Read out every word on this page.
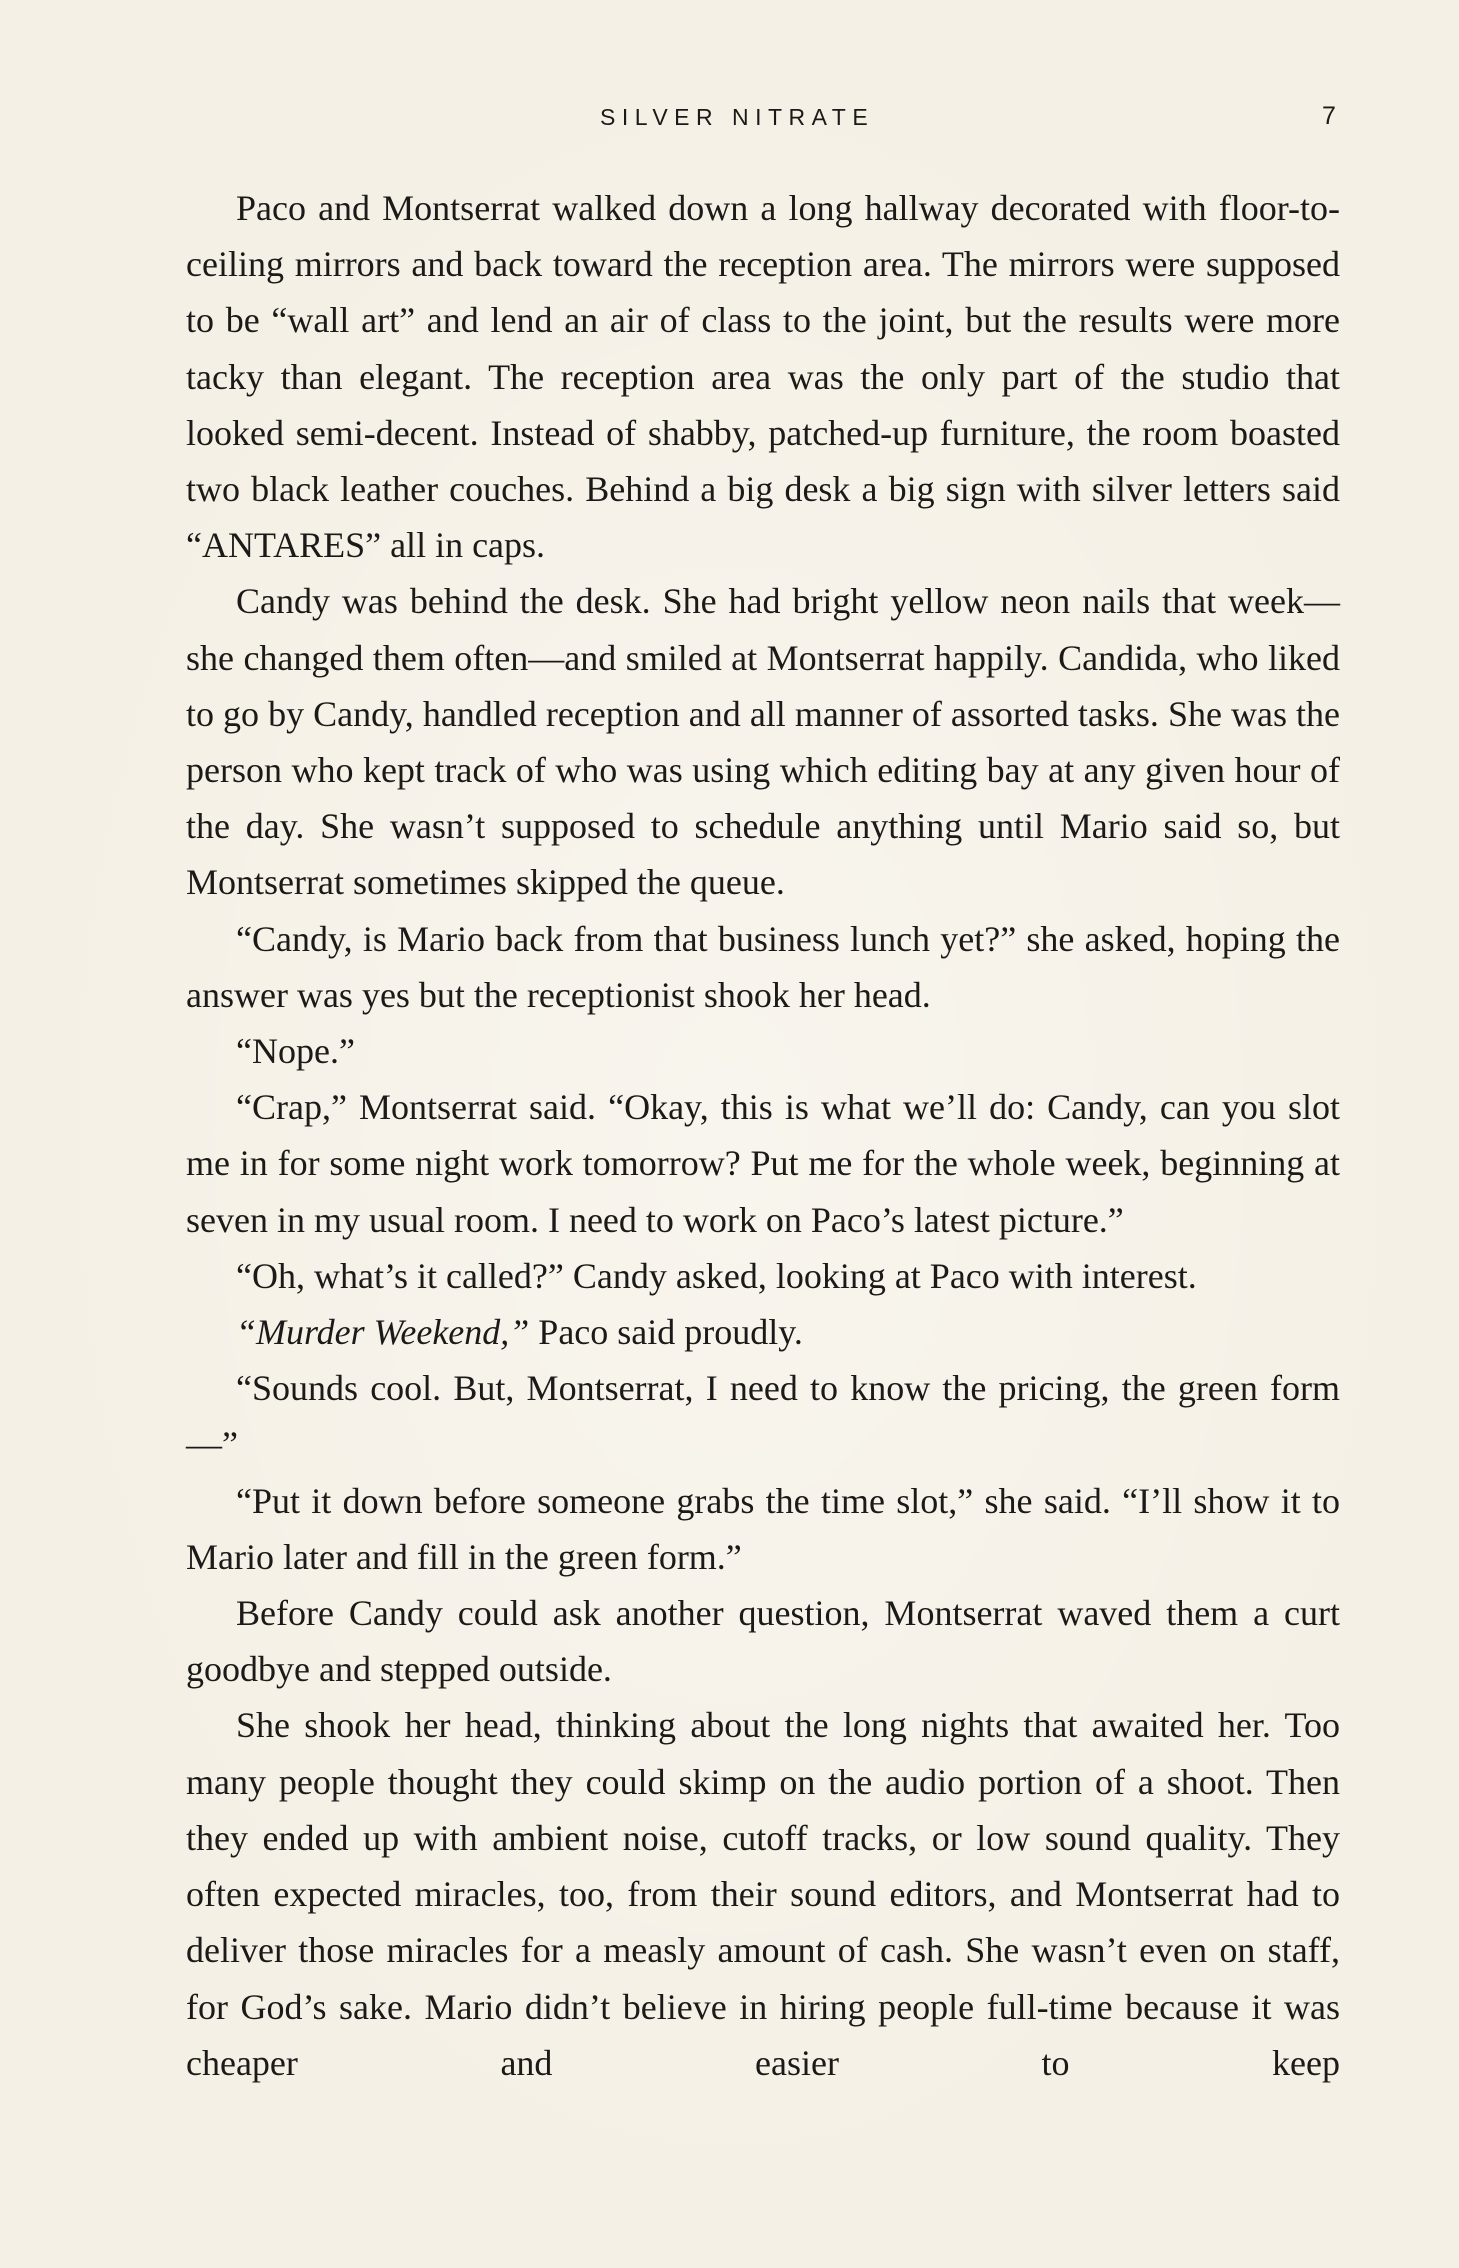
SILVER NITRATE	7

Paco and Montserrat walked down a long hallway decorated with floor-to-ceiling mirrors and back toward the reception area. The mirrors were supposed to be “wall art” and lend an air of class to the joint, but the results were more tacky than elegant. The reception area was the only part of the studio that looked semi-decent. Instead of shabby, patched-up furniture, the room boasted two black leather couches. Behind a big desk a big sign with silver letters said “ANTARES” all in caps.

Candy was behind the desk. She had bright yellow neon nails that week—she changed them often—and smiled at Montserrat happily. Candida, who liked to go by Candy, handled reception and all manner of assorted tasks. She was the person who kept track of who was using which editing bay at any given hour of the day. She wasn’t supposed to schedule anything until Mario said so, but Montserrat sometimes skipped the queue.

“Candy, is Mario back from that business lunch yet?” she asked, hoping the answer was yes but the receptionist shook her head.

“Nope.”

“Crap,” Montserrat said. “Okay, this is what we’ll do: Candy, can you slot me in for some night work tomorrow? Put me for the whole week, beginning at seven in my usual room. I need to work on Paco’s latest picture.”

“Oh, what’s it called?” Candy asked, looking at Paco with interest.

“Murder Weekend,” Paco said proudly.

“Sounds cool. But, Montserrat, I need to know the pricing, the green form—”

“Put it down before someone grabs the time slot,” she said. “I’ll show it to Mario later and fill in the green form.”

Before Candy could ask another question, Montserrat waved them a curt goodbye and stepped outside.

She shook her head, thinking about the long nights that awaited her. Too many people thought they could skimp on the audio portion of a shoot. Then they ended up with ambient noise, cutoff tracks, or low sound quality. They often expected miracles, too, from their sound editors, and Montserrat had to deliver those miracles for a measly amount of cash. She wasn’t even on staff, for God’s sake. Mario didn’t believe in hiring people full-time because it was cheaper and easier to keep
